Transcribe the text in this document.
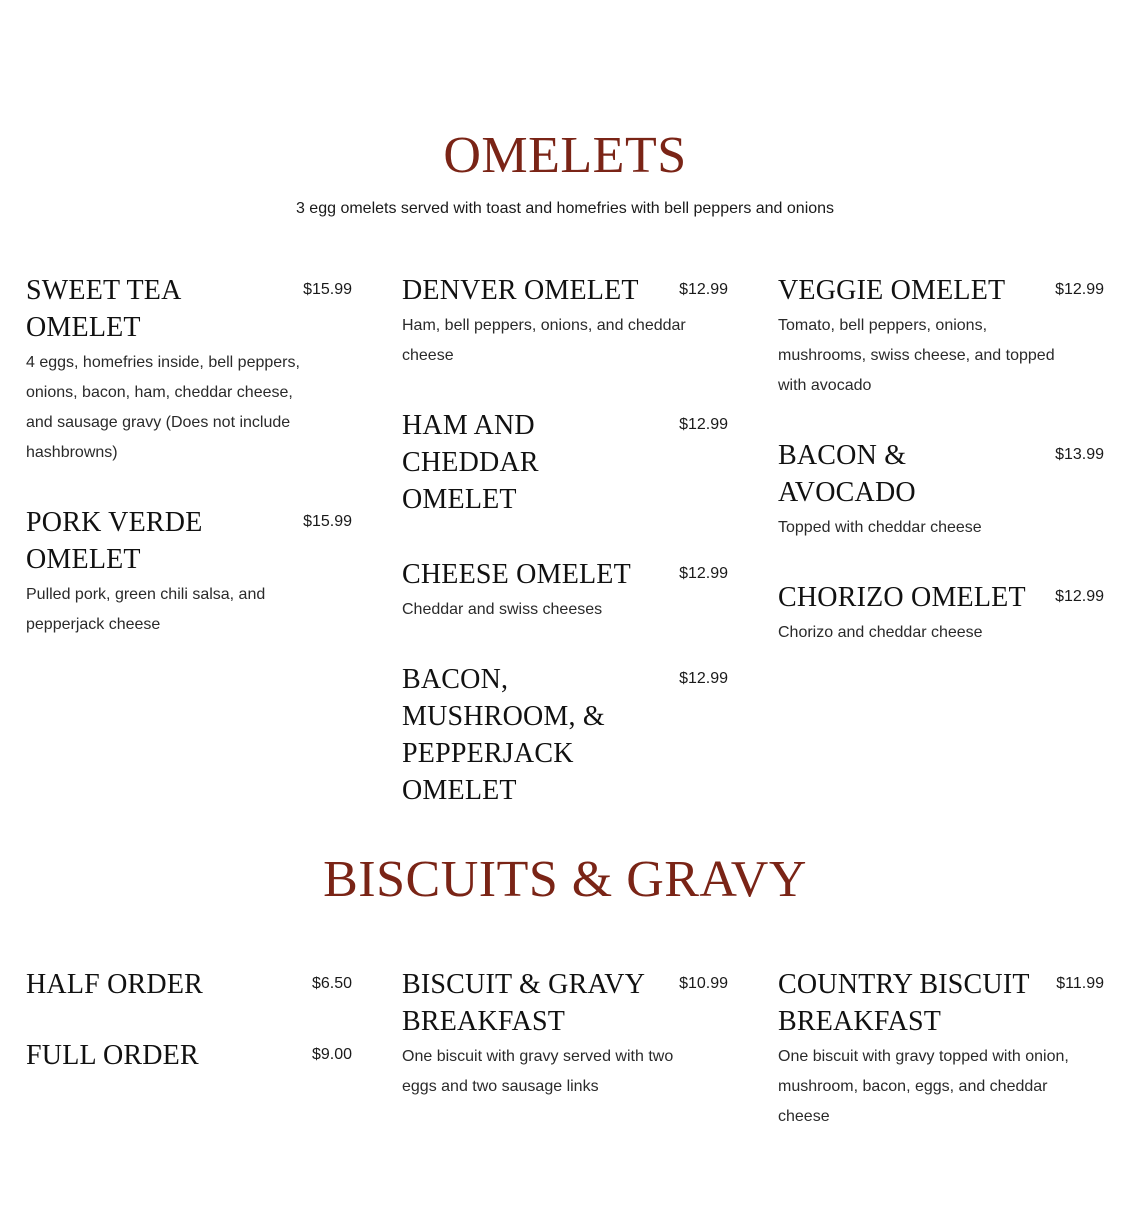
OMELETS
3 egg omelets served with toast and homefries with bell peppers and onions
SWEET TEA OMELET
$15.99
4 eggs, homefries inside, bell peppers, onions, bacon, ham, cheddar cheese, and sausage gravy (Does not include hashbrowns)
PORK VERDE OMELET
$15.99
Pulled pork, green chili salsa, and pepperjack cheese
DENVER OMELET	$12.99
Ham, bell peppers, onions, and cheddar cheese
HAM AND CHEDDAR OMELET
$12.99
CHEESE OMELET	$12.99
Cheddar and swiss cheeses
BACON, MUSHROOM, & PEPPERJACK OMELET
$12.99
VEGGIE OMELET	$12.99
Tomato, bell peppers, onions, mushrooms, swiss cheese, and topped with avocado
BACON & AVOCADO
$13.99
Topped with cheddar cheese
CHORIZO OMELET	$12.99
Chorizo and cheddar cheese
BISCUITS & GRAVY
HALF ORDER	$6.50
FULL ORDER	$9.00
BISCUIT & GRAVY BREAKFAST
$10.99
One biscuit with gravy served with two eggs and two sausage links
COUNTRY BISCUIT BREAKFAST
$11.99
One biscuit with gravy topped with onion, mushroom, bacon, eggs, and cheddar cheese
